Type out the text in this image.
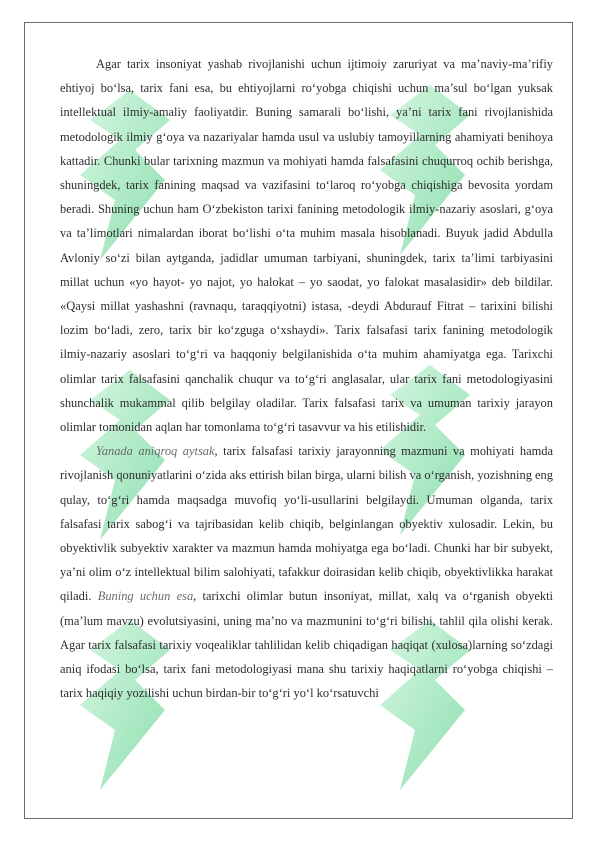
Agar tarix insoniyat yashab rivojlanishi uchun ijtimoiy zaruriyat va ma’naviy-ma’rifiy ehtiyoj bo‘lsa, tarix fani esa, bu ehtiyojlarni ro‘yobga chiqishi uchun ma’sul bo‘lgan yuksak intellektual ilmiy-amaliy faoliyatdir. Buning samarali bo‘lishi, ya’ni tarix fani rivojlanishida metodologik ilmiy g‘oya va nazariyalar hamda usul va uslubiy tamoyillarning ahamiyati benihoya kattadir. Chunki bular tarixning mazmun va mohiyati hamda falsafasini chuqurroq ochib berishga, shuningdek, tarix fanining maqsad va vazifasini to‘laroq ro‘yobga chiqishiga bevosita yordam beradi. Shuning uchun ham O‘zbekiston tarixi fanining metodologik ilmiy-nazariy asoslari, g‘oya va ta’limotlari nimalardan iborat bo‘lishi o‘ta muhim masala hisoblanadi. Buyuk jadid Abdulla Avloniy so‘zi bilan aytganda, jadidlar umuman tarbiyani, shuningdek, tarix ta’limi tarbiyasini millat uchun «yo hayot- yo najot, yo halokat – yo saodat, yo falokat masalasidir» deb bildilar. «Qaysi millat yashashni (ravnaqu, taraqqiyotni) istasa, -deydi Abdurauf Fitrat – tarixini bilishi lozim bo‘ladi, zero, tarix bir ko‘zguga o‘xshaydi». Tarix falsafasi tarix fanining metodologik ilmiy-nazariy asoslari to‘g‘ri va haqqoniy belgilanishida o‘ta muhim ahamiyatga ega. Tarixchi olimlar tarix falsafasini qanchalik chuqur va to‘g‘ri anglasalar, ular tarix fani metodologiyasini shunchalik mukammal qilib belgilay oladilar. Tarix falsafasi tarix va umuman tarixiy jarayon olimlar tomonidan aqlan har tomonlama to‘g‘ri tasavvur va his etilishidir.

Yanada aniqroq aytsak, tarix falsafasi tarixiy jarayonning mazmuni va mohiyati hamda rivojlanish qonuniyatlarini o‘zida aks ettirish bilan birga, ularni bilish va o‘rganish, yozishning eng qulay, to‘g‘ri hamda maqsadga muvofiq yo‘li-usullarini belgilaydi. Umuman olganda, tarix falsafasi tarix sabog‘i va tajribasidan kelib chiqib, belginlangan obyektiv xulosadir. Lekin, bu obyektivlik subyektiv xarakter va mazmun hamda mohiyatga ega bo‘ladi. Chunki har bir subyekt, ya’ni olim o‘z intellektual bilim salohiyati, tafakkur doirasidan kelib chiqib, obyektivlikka harakat qiladi. Buning uchun esa, tarixchi olimlar butun insoniyat, millat, xalq va o‘rganish obyekti (ma’lum mavzu) evolutsiyasini, uning ma’no va mazmunini to‘g‘ri bilishi, tahlil qila olishi kerak. Agar tarix falsafasi tarixiy voqealiklar tahlilidan kelib chiqadigan haqiqat (xulosa)larning so‘zdagi aniq ifodasi bo‘lsa, tarix fani metodologiyasi mana shu tarixiy haqiqatlarni ro‘yobga chiqishi – tarix haqiqiy yozilishi uchun birdan-bir to‘g‘ri yo‘l ko‘rsatuvchi
